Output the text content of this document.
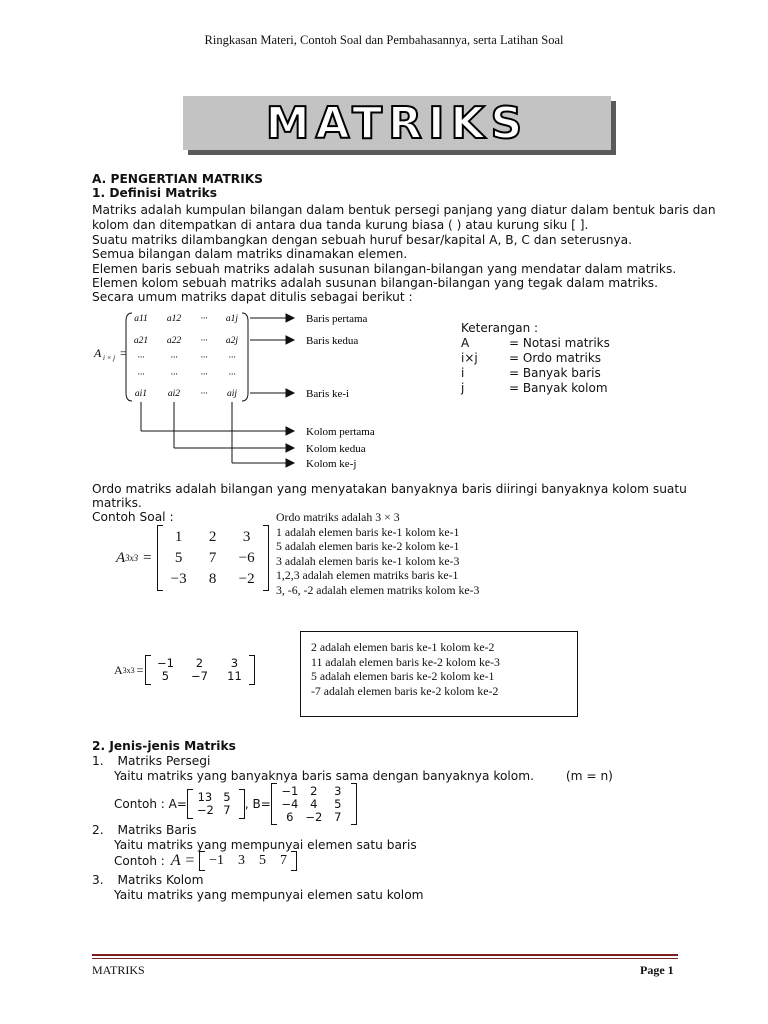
Ringkasan Materi, Contoh Soal dan Pembahasannya, serta Latihan Soal
MATRIKS
A. PENGERTIAN MATRIKS
1. Definisi Matriks
Matriks adalah kumpulan bilangan dalam bentuk persegi panjang yang diatur dalam bentuk baris dan
kolom dan ditempatkan di antara dua tanda kurung biasa ( ) atau kurung siku [ ].
Suatu matriks dilambangkan dengan sebuah huruf besar/kapital A, B, C dan seterusnya.
Semua bilangan dalam matriks dinamakan elemen.
Elemen baris sebuah matriks adalah susunan bilangan-bilangan yang mendatar dalam matriks.
Elemen kolom sebuah matriks adalah susunan bilangan-bilangan yang tegak dalam matriks.
Secara umum matriks dapat ditulis sebagai berikut :
A i × j =
a11 a12 ··· a1j
a21 a22 ··· a2j
···	··· ··· ···
···	··· ··· ···
ai1 ai2 ··· aij
Baris pertama
Baris kedua
Baris ke-i
Kolom pertama
Kolom kedua
Kolom ke-j
Keterangan :
A	= Notasi matriks
i×j	= Ordo matriks
i	= Banyak baris
j	= Banyak kolom
Ordo matriks adalah bilangan yang menyatakan banyaknya baris diiringi banyaknya kolom suatu
matriks.
Contoh Soal :
A 3x3 =
1	2	3
5	7	−6
−3	8	−2
Ordo matriks adalah 3 × 3
1 adalah elemen baris ke-1 kolom ke-1
5 adalah elemen baris ke-2 kolom ke-1
3 adalah elemen baris ke-1 kolom ke-3
1,2,3 adalah elemen matriks baris ke-1
3, -6, -2 adalah elemen matriks kolom ke-3
A 3x3 = −1	2	3
5	−7	11
2 adalah elemen baris ke-1 kolom ke-2
11 adalah elemen baris ke-2 kolom ke-3
5 adalah elemen baris ke-2 kolom ke-1
-7 adalah elemen baris ke-2 kolom ke-2
2. Jenis-jenis Matriks
1. Matriks Persegi
Yaitu matriks yang banyaknya baris sama dengan banyaknya kolom.	(m = n)
Contoh : A= 13 5
−2 7	, B=
−1	2	3
−4	4	5
6	−2	7
2. Matriks Baris
Yaitu matriks yang mempunyai elemen satu baris
Contoh : A = −1 3 5 7
3. Matriks Kolom
Yaitu matriks yang mempunyai elemen satu kolom
MATRIKS	Page 1
